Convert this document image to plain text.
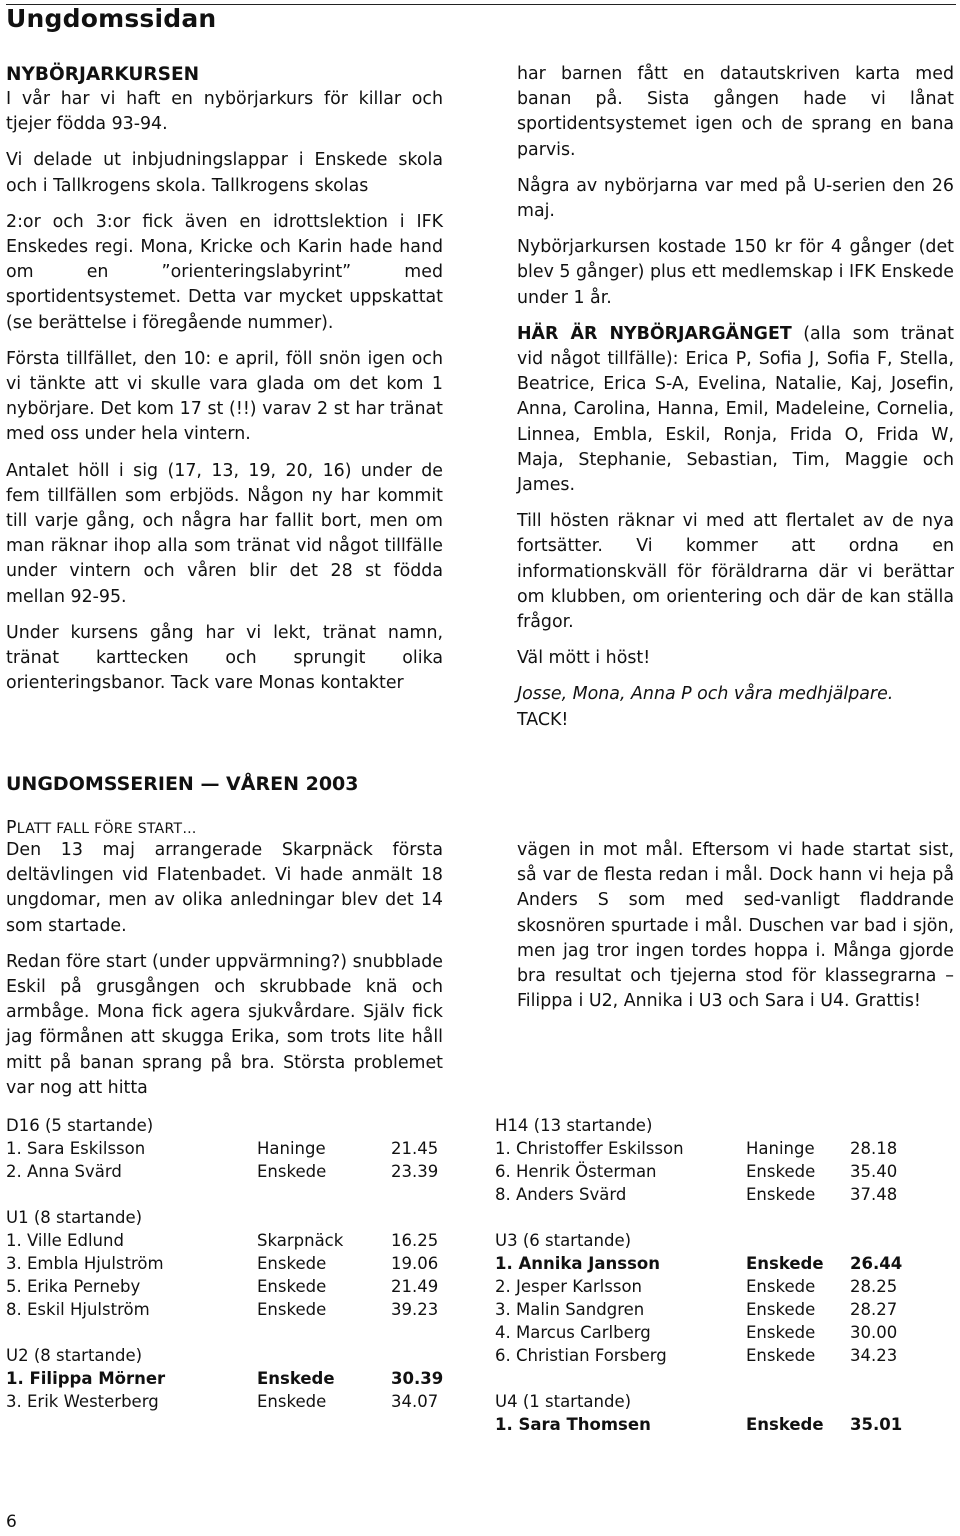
Ungdomssidan
NYBÖRJARKURSEN

I vår har vi haft en nybörjarkurs för killar och tjejer födda 93-94.

Vi delade ut inbjudningslappar i Enskede skola och i Tallkrogens skola. Tallkrogens skolas

2:or och 3:or fick även en idrottslektion i IFK Enskedes regi. Mona, Kricke och Karin hade hand om en ”orienteringslabyrint” med sportidentsystemet. Detta var mycket uppskattat (se berättelse i föregående nummer).

Första tillfället, den 10: e april, föll snön igen och vi tänkte att vi skulle vara glada om det kom 1 nybörjare. Det kom 17 st (!!) varav 2 st har tränat med oss under hela vintern.

Antalet höll i sig (17, 13, 19, 20, 16) under de fem tillfällen som erbjöds. Någon ny har kommit till varje gång, och några har fallit bort, men om man räknar ihop alla som tränat vid något tillfälle under vintern och våren blir det 28 st födda mellan 92-95.

Under kursens gång har vi lekt, tränat namn, tränat karttecken och sprungit olika orienteringsbanor. Tack vare Monas kontakter

har barnen fått en datautskriven karta med banan på. Sista gången hade vi lånat sportidentsystemet igen och de sprang en bana parvis.

Några av nybörjarna var med på U-serien den 26 maj.

Nybörjarkursen kostade 150 kr för 4 gånger (det blev 5 gånger) plus ett medlemskap i IFK Enskede under 1 år.

HÄR ÄR NYBÖRJARGÄNGET (alla som tränat vid något tillfälle): Erica P, Sofia J, Sofia F, Stella, Beatrice, Erica S-A, Evelina, Natalie, Kaj, Josefin, Anna, Carolina, Hanna, Emil, Madeleine, Cornelia, Linnea, Embla, Eskil, Ronja, Frida O, Frida W, Maja, Stephanie, Sebastian, Tim, Maggie och James.

Till hösten räknar vi med att flertalet av de nya fortsätter. Vi kommer att ordna en informationskväll för föräldrarna där vi berättar om klubben, om orientering och där de kan ställa frågor.

Väl mött i höst!

Josse, Mona, Anna P och våra medhjälpare.
TACK!

UNGDOMSSERIEN — VÅREN 2003
PLATT FALL FÖRE START…

Den 13 maj arrangerade Skarpnäck första deltävlingen vid Flatenbadet. Vi hade anmält 18 ungdomar, men av olika anledningar blev det 14 som startade.

Redan före start (under uppvärmning?) snubblade Eskil på grusgången och skrubbade knä och armbåge. Mona fick agera sjukvårdare. Själv fick jag förmånen att skugga Erika, som trots lite håll mitt på banan sprang på bra. Största problemet var nog att hitta

vägen in mot mål. Eftersom vi hade startat sist, så var de flesta redan i mål. Dock hann vi heja på Anders S som med sed-vanligt fladdrande skosnören spurtade i mål. Duschen var bad i sjön, men jag tror ingen tordes hoppa i. Många gjorde bra resultat och tjejerna stod för klassegrarna – Filippa i U2, Annika i U3 och Sara i U4. Grattis!

D16 (5 startande)
1. Sara Eskilsson	Haninge	21.45
2. Anna Svärd	Enskede	23.39
U1 (8 startande)
1. Ville Edlund	Skarpnäck	16.25
3. Embla Hjulström	Enskede	19.06
5. Erika Perneby	Enskede	21.49
8. Eskil Hjulström	Enskede	39.23
U2 (8 startande)
1. Filippa Mörner	Enskede	30.39
3. Erik Westerberg	Enskede	34.07
H14 (13 startande)
1. Christoffer Eskilsson	Haninge 28.18
6. Henrik Österman	Enskede 35.40
8. Anders Svärd	Enskede 37.48
U3 (6 startande)
1. Annika Jansson	Enskede 26.44
2. Jesper Karlsson	Enskede 28.25
3. Malin Sandgren	Enskede 28.27
4. Marcus Carlberg	Enskede 30.00
6. Christian Forsberg	Enskede 34.23
U4 (1 startande)
1. Sara Thomsen	Enskede 35.01
6
